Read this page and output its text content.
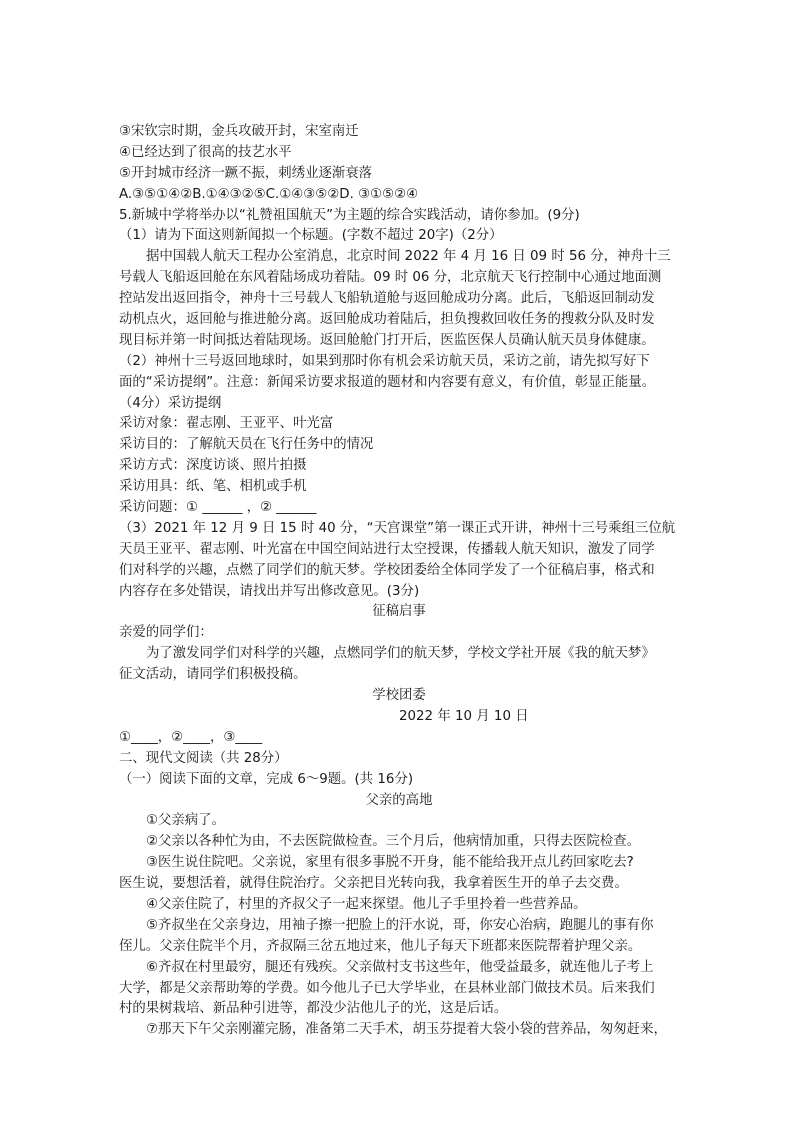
③宋钦宗时期，金兵攻破开封，宋室南迁
④已经达到了很高的技艺水平
⑤开封城市经济一蹶不振，刺绣业逐渐衰落
A.③⑤①④②B.①④③②⑤C.①④③⑤②D. ③①⑤②④
5.新城中学将举办以“礼赞祖国航天”为主题的综合实践活动，请你参加。(9分)
（1）请为下面这则新闻拟一个标题。(字数不超过 20字)（2分）
据中国载人航天工程办公室消息，北京时间 2022 年 4 月 16 日 09 时 56 分，神舟十三
号载人飞船返回舱在东风着陆场成功着陆。09 时 06 分，北京航天飞行控制中心通过地面测
控站发出返回指令，神舟十三号载人飞船轨道舱与返回舱成功分离。此后，飞船返回制动发
动机点火，返回舱与推进舱分离。返回舱成功着陆后，担负搜救回收任务的搜救分队及时发
现目标并第一时间抵达着陆现场。返回舱舱门打开后，医监医保人员确认航天员身体健康。
（2）神州十三号返回地球时，如果到那时你有机会采访航天员，采访之前，请先拟写好下
面的“采访提纲”。注意：新闻采访要求报道的题材和内容要有意义，有价值，彰显正能量。
（4分）采访提纲
采访对象：翟志刚、王亚平、叶光富
采访目的：了解航天员在飞行任务中的情况
采访方式：深度访谈、照片拍摄
采访用具：纸、笔、相机或手机
采访问题：① ______ ，② ______
（3）2021 年 12 月 9 日 15 时 40 分，“天宫课堂”第一课正式开讲，神州十三号乘组三位航
天员王亚平、翟志刚、叶光富在中国空间站进行太空授课，传播载人航天知识，激发了同学
们对科学的兴趣，点燃了同学们的航天梦。学校团委给全体同学发了一个征稿启事，格式和
内容存在多处错误，请找出并写出修改意见。(3分)
征稿启事
亲爱的同学们：
为了激发同学们对科学的兴趣，点燃同学们的航天梦，学校文学社开展《我的航天梦》
征文活动，请同学们积极投稿。
学校团委
2022 年 10 月 10 日
①____，②____，③____
二、现代文阅读（共 28分）
（一）阅读下面的文章，完成 6～9题。(共 16分)
父亲的高地
①父亲病了。
②父亲以各种忙为由，不去医院做检查。三个月后，他病情加重，只得去医院检查。
③医生说住院吧。父亲说，家里有很多事脱不开身，能不能给我开点儿药回家吃去?
医生说，要想活着，就得住院治疗。父亲把目光转向我，我拿着医生开的单子去交费。
④父亲住院了，村里的齐叔父子一起来探望。他儿子手里拎着一些营养品。
⑤齐叔坐在父亲身边，用袖子擦一把脸上的汗水说，哥，你安心治病，跑腿儿的事有你
侄儿。父亲住院半个月，齐叔隔三岔五地过来，他儿子每天下班都来医院帮着护理父亲。
⑥齐叔在村里最穷，腿还有残疾。父亲做村支书这些年，他受益最多，就连他儿子考上
大学，都是父亲帮助筹的学费。如今他儿子已大学毕业，在县林业部门做技术员。后来我们
村的果树栽培、新品种引进等，都没少沾他儿子的光，这是后话。
⑦那天下午父亲刚灌完肠，准备第二天手术，胡玉芬提着大袋小袋的营养品，匆匆赶来，
